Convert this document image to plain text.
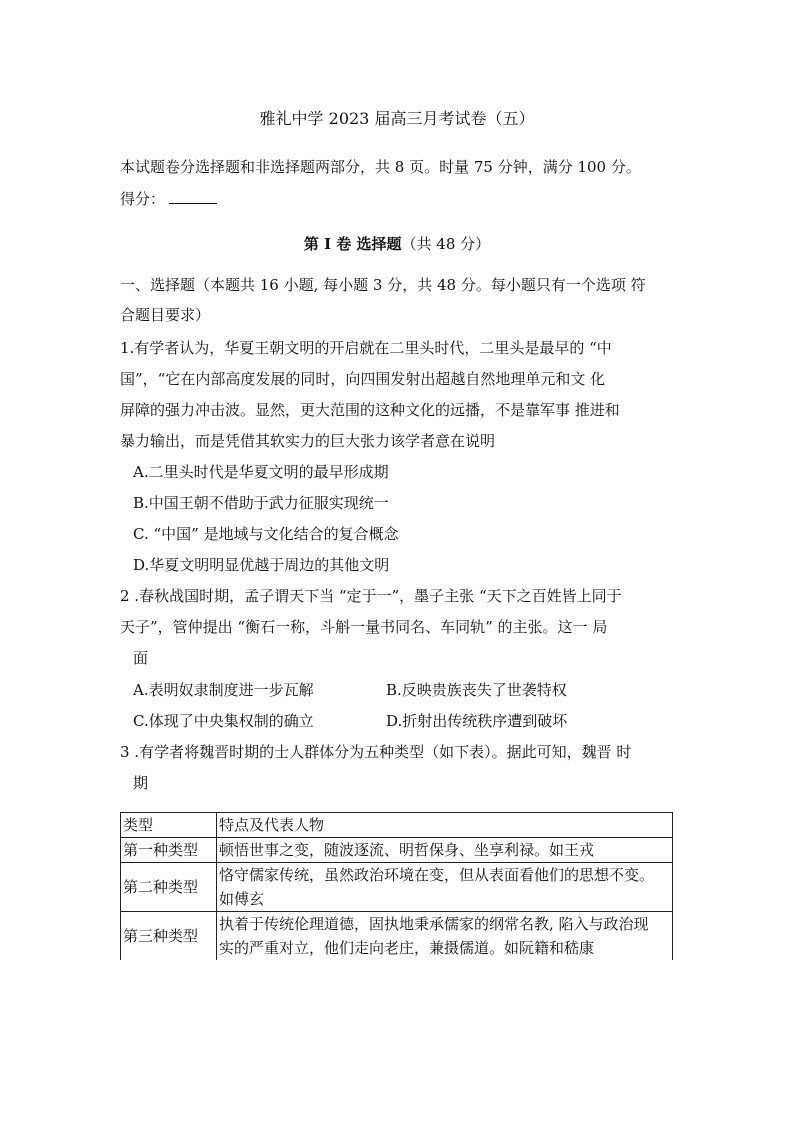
雅礼中学 2023 届高三月考试卷（五）
本试题卷分选择题和非选择题两部分，共 8 页。时量 75 分钟，满分 100 分。
得分：
第 I 卷 选择题（共 48 分）
一、选择题（本题共 16 小题, 每小题 3 分，共 48 分。每小题只有一个选项 符
合题目要求）
1.有学者认为，华夏王朝文明的开启就在二里头时代，二里头是最早的 “中
国”，“它在内部高度发展的同时，向四围发射出超越自然地理单元和文 化
屏障的强力冲击波。显然，更大范围的这种文化的远播，不是靠军事 推进和
暴力输出，而是凭借其软实力的巨大张力该学者意在说明
A.二里头时代是华夏文明的最早形成期
B.中国王朝不借助于武力征服实现统一
C. “中国” 是地域与文化结合的复合概念
D.华夏文明明显优越于周边的其他文明
2 .春秋战国时期，孟子谓天下当 “定于一”，墨子主张 “天下之百姓皆上同于
天子”，管仲提出 “衡石一称，斗斛一量书同名、车同轨” 的主张。这一 局
面
A.表明奴隶制度进一步瓦解	B.反映贵族丧失了世袭特权
C.体现了中央集权制的确立	D.折射出传统秩序遭到破坏
3 .有学者将魏晋时期的士人群体分为五种类型（如下表）。据此可知，魏晋 时
期
类型	特点及代表人物
第一种类型	顿悟世事之变，随波逐流、明哲保身、坐享利禄。如王戎

第二种类型	恪守儒家传统，虽然政治环境在变，但从表面看他们的思想不变。
如傅玄

第三种类型	执着于传统伦理道德，固执地秉承儒家的纲常名教, 陷入与政治现
实的严重对立，他们走向老庄，兼摄儒道。如阮籍和嵇康
